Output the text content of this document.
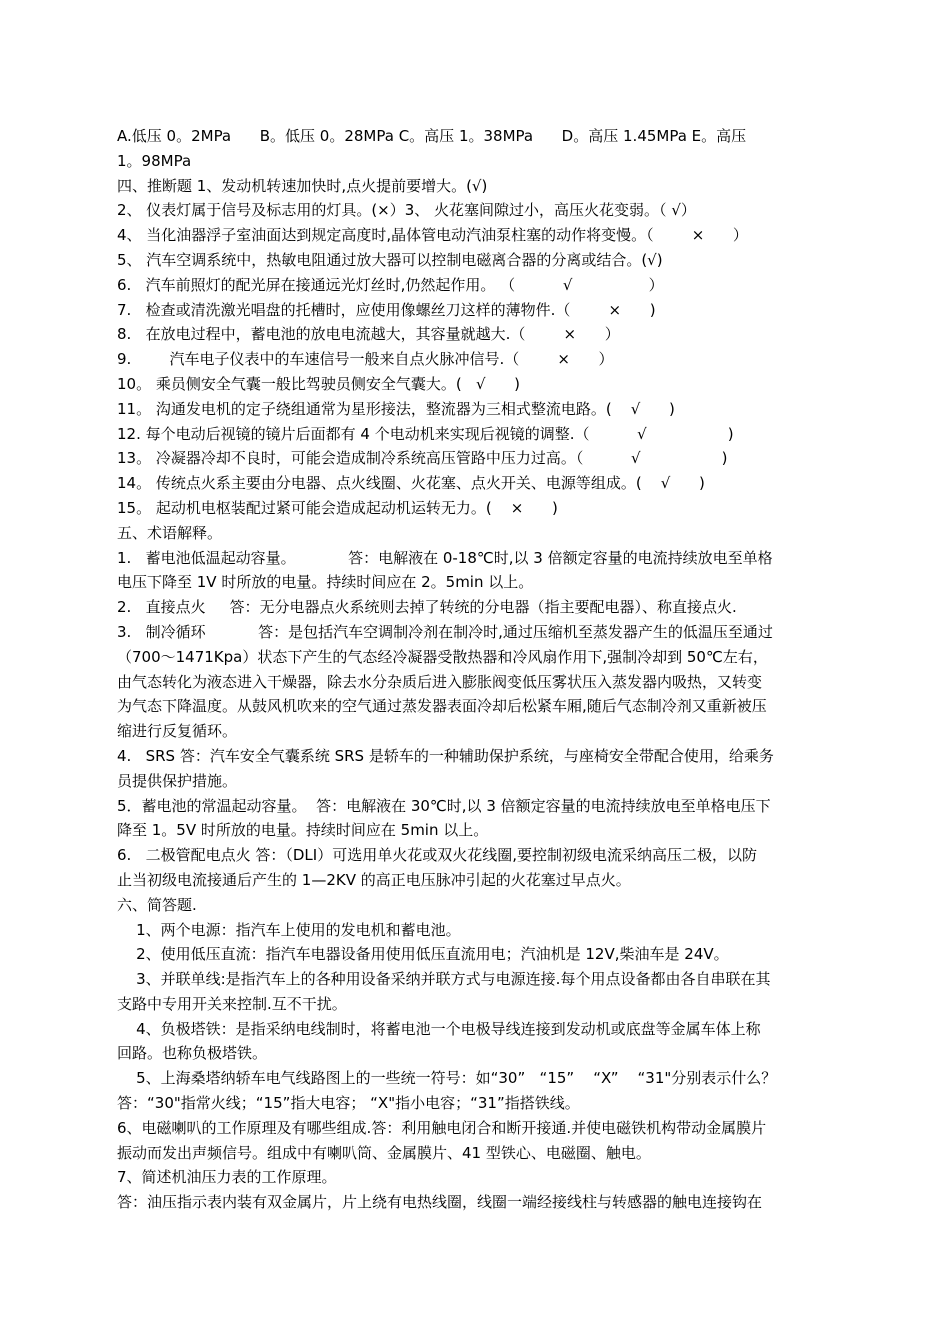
A.低压 0。2MPa      B。低压 0。28MPa C。高压 1。38MPa      D。高压 1.45MPa E。高压
1。98MPa
四、推断题 1、发动机转速加快时,点火提前要增大。(√)
2、 仪表灯属于信号及标志用的灯具。(×）3、 火花塞间隙过小，高压火花变弱。（ √）
4、 当化油器浮子室油面达到规定高度时,晶体管电动汽油泵柱塞的动作将变慢。（        ×      ）
5、 汽车空调系统中，热敏电阻通过放大器可以控制电磁离合器的分离或结合。(√)
6.   汽车前照灯的配光屏在接通远光灯丝时,仍然起作用。 （          √                ）
7.   检查或清洗激光唱盘的托槽时，应使用像螺丝刀这样的薄物件.（        ×      )
8.   在放电过程中，蓄电池的放电电流越大，其容量就越大.（        ×      ）
9.        汽车电子仪表中的车速信号一般来自点火脉冲信号.（        ×      ）
10。 乘员侧安全气囊一般比驾驶员侧安全气囊大。(   √      )
11。 沟通发电机的定子绕组通常为星形接法，整流器为三相式整流电路。(    √      )
12. 每个电动后视镜的镜片后面都有 4 个电动机来实现后视镜的调整.（          √                 )
13。 冷凝器冷却不良时，可能会造成制冷系统高压管路中压力过高。（          √                 )
14。 传统点火系主要由分电器、点火线圈、火花塞、点火开关、电源等组成。(    √      )
15。 起动机电枢装配过紧可能会造成起动机运转无力。(    ×      )
五、术语解释。
1.   蓄电池低温起动容量。           答：电解液在 0-18℃时,以 3 倍额定容量的电流持续放电至单格
电压下降至 1V 时所放的电量。持续时间应在 2。5min 以上。
2.   直接点火     答：无分电器点火系统则去掉了转统的分电器（指主要配电器）、称直接点火.
3.   制冷循环           答：是包括汽车空调制冷剂在制冷时,通过压缩机至蒸发器产生的低温压至通过
（700～1471Kpa）状态下产生的气态经冷凝器受散热器和冷风扇作用下,强制冷却到 50℃左右，
由气态转化为液态进入干燥器，除去水分杂质后进入膨胀阀变低压雾状压入蒸发器内吸热，又转变
为气态下降温度。从鼓风机吹来的空气通过蒸发器表面冷却后松紧车厢,随后气态制冷剂又重新被压
缩进行反复循环。
4.   SRS 答：汽车安全气囊系统 SRS 是轿车的一种辅助保护系统，与座椅安全带配合使用，给乘务
员提供保护措施。
5．蓄电池的常温起动容量。  答：电解液在 30℃时,以 3 倍额定容量的电流持续放电至单格电压下
降至 1。5V 时所放的电量。持续时间应在 5min 以上。
6.   二极管配电点火 答：（DLI）可选用单火花或双火花线圈,要控制初级电流采纳高压二极，以防
止当初级电流接通后产生的 1—2KV 的高正电压脉冲引起的火花塞过早点火。
六、简答题.
1、两个电源：指汽车上使用的发电机和蓄电池。
2、使用低压直流：指汽车电器设备用使用低压直流用电；汽油机是 12V,柴油车是 24V。
3、并联单线:是指汽车上的各种用设备采纳并联方式与电源连接.每个用点设备都由各自串联在其
支路中专用开关来控制.互不干扰。
4、负极塔铁：是指采纳电线制时，将蓄电池一个电极导线连接到发动机或底盘等金属车体上称
回路。也称负极塔铁。
5、上海桑塔纳轿车电气线路图上的一些统一符号：如“30”   “15”    “X”    “31"分别表示什么？
答：“30"指常火线；“15”指大电容； “X"指小电容；“31”指搭铁线。
6、电磁喇叭的工作原理及有哪些组成.答：利用触电闭合和断开接通.并使电磁铁机构带动金属膜片
振动而发出声频信号。组成中有喇叭筒、金属膜片、41 型铁心、电磁圈、触电。
7、简述机油压力表的工作原理。
答：油压指示表内装有双金属片，片上绕有电热线圈，线圈一端经接线柱与转感器的触电连接钩在
